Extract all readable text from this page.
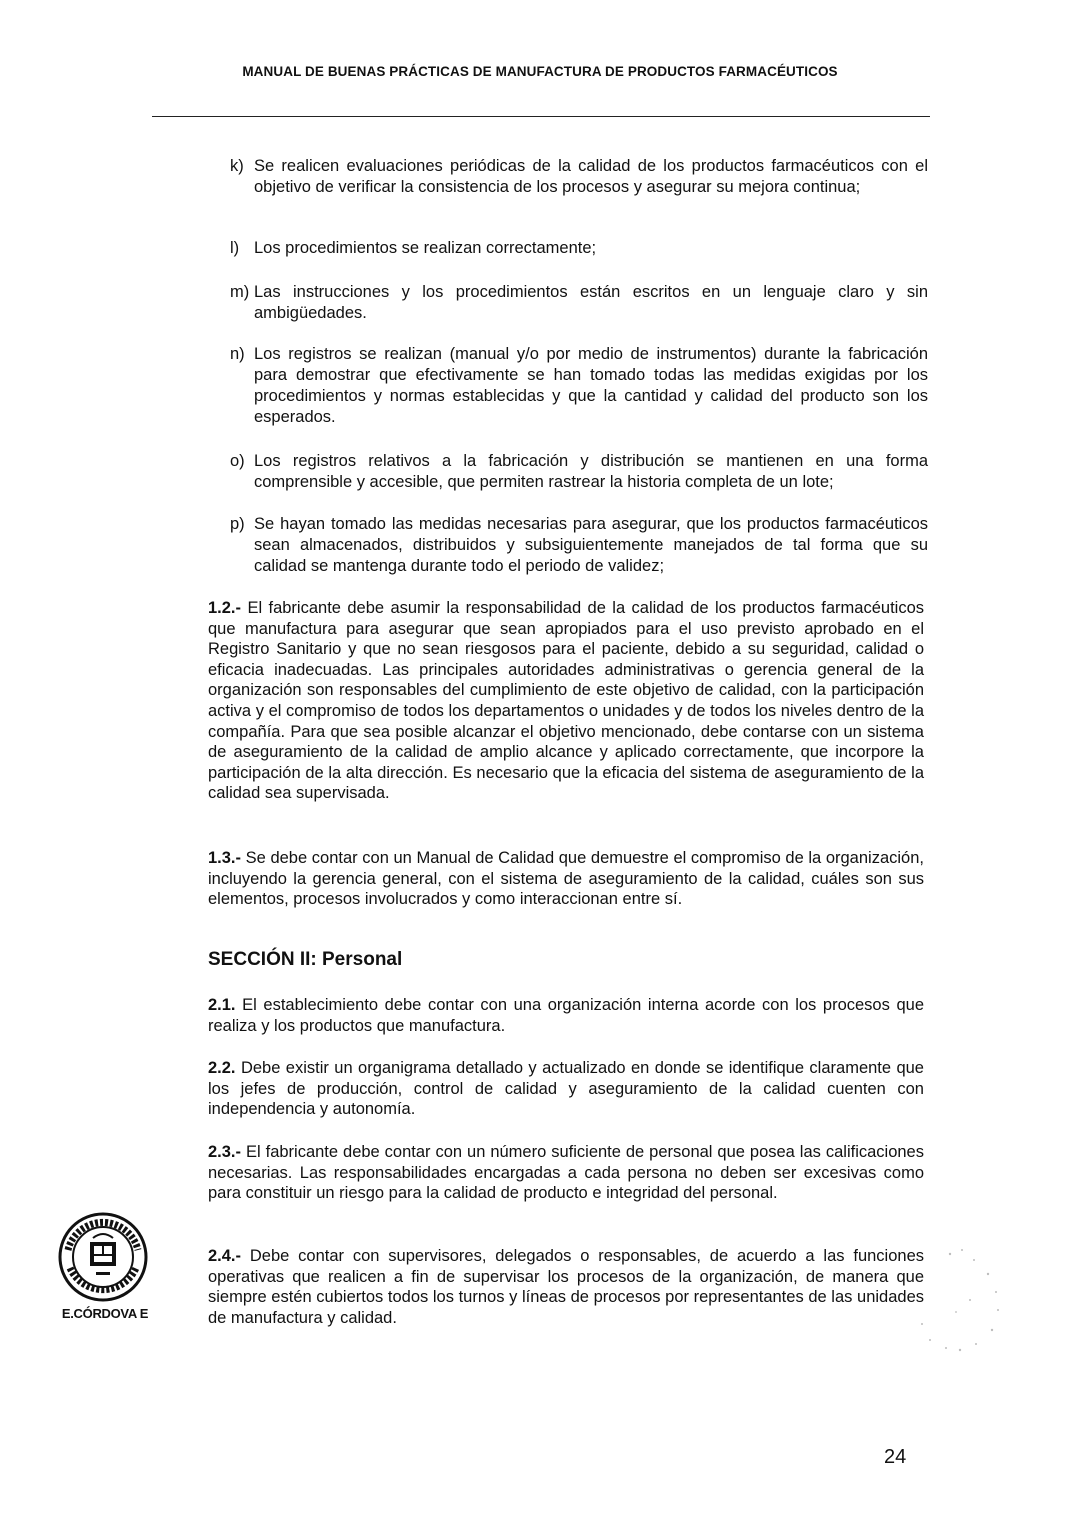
MANUAL DE BUENAS PRÁCTICAS DE MANUFACTURA DE PRODUCTOS FARMACÉUTICOS
k) Se realicen evaluaciones periódicas de la calidad de los productos farmacéuticos con el objetivo de verificar la consistencia de los procesos y asegurar su mejora continua;
l) Los procedimientos se realizan correctamente;
m) Las instrucciones y los procedimientos están escritos en un lenguaje claro y sin ambigüedades.
n) Los registros se realizan (manual y/o por medio de instrumentos) durante la fabricación para demostrar que efectivamente se han tomado todas las medidas exigidas por los procedimientos y normas establecidas y que la cantidad y calidad del producto son los esperados.
o) Los registros relativos a la fabricación y distribución se mantienen en una forma comprensible y accesible, que permiten rastrear la historia completa de un lote;
p) Se hayan tomado las medidas necesarias para asegurar, que los productos farmacéuticos sean almacenados, distribuidos y subsiguientemente manejados de tal forma que su calidad se mantenga durante todo el periodo de validez;
1.2.- El fabricante debe asumir la responsabilidad de la calidad de los productos farmacéuticos que manufactura para asegurar que sean apropiados para el uso previsto aprobado en el Registro Sanitario y que no sean riesgosos para el paciente, debido a su seguridad, calidad o eficacia inadecuadas. Las principales autoridades administrativas o gerencia general de la organización son responsables del cumplimiento de este objetivo de calidad, con la participación activa y el compromiso de todos los departamentos o unidades y de todos los niveles dentro de la compañía. Para que sea posible alcanzar el objetivo mencionado, debe contarse con un sistema de aseguramiento de la calidad de amplio alcance y aplicado correctamente, que incorpore la participación de la alta dirección. Es necesario que la eficacia del sistema de aseguramiento de la calidad sea supervisada.
1.3.- Se debe contar con un Manual de Calidad que demuestre el compromiso de la organización, incluyendo la gerencia general, con el sistema de aseguramiento de la calidad, cuáles son sus elementos, procesos involucrados y como interaccionan entre sí.
SECCIÓN II: Personal
2.1. El establecimiento debe contar con una organización interna acorde con los procesos que realiza y los productos que manufactura.
2.2. Debe existir un organigrama detallado y actualizado en donde se identifique claramente que los jefes de producción, control de calidad y aseguramiento de la calidad cuenten con independencia y autonomía.
2.3.- El fabricante debe contar con un número suficiente de personal que posea las calificaciones necesarias. Las responsabilidades encargadas a cada persona no deben ser excesivas como para constituir un riesgo para la calidad de producto e integridad del personal.
2.4.- Debe contar con supervisores, delegados o responsables, de acuerdo a las funciones operativas que realicen a fin de supervisar los procesos de la organización, de manera que siempre estén cubiertos todos los turnos y líneas de procesos por representantes de las unidades de manufactura y calidad.
E.CÓRDOVA E
24
